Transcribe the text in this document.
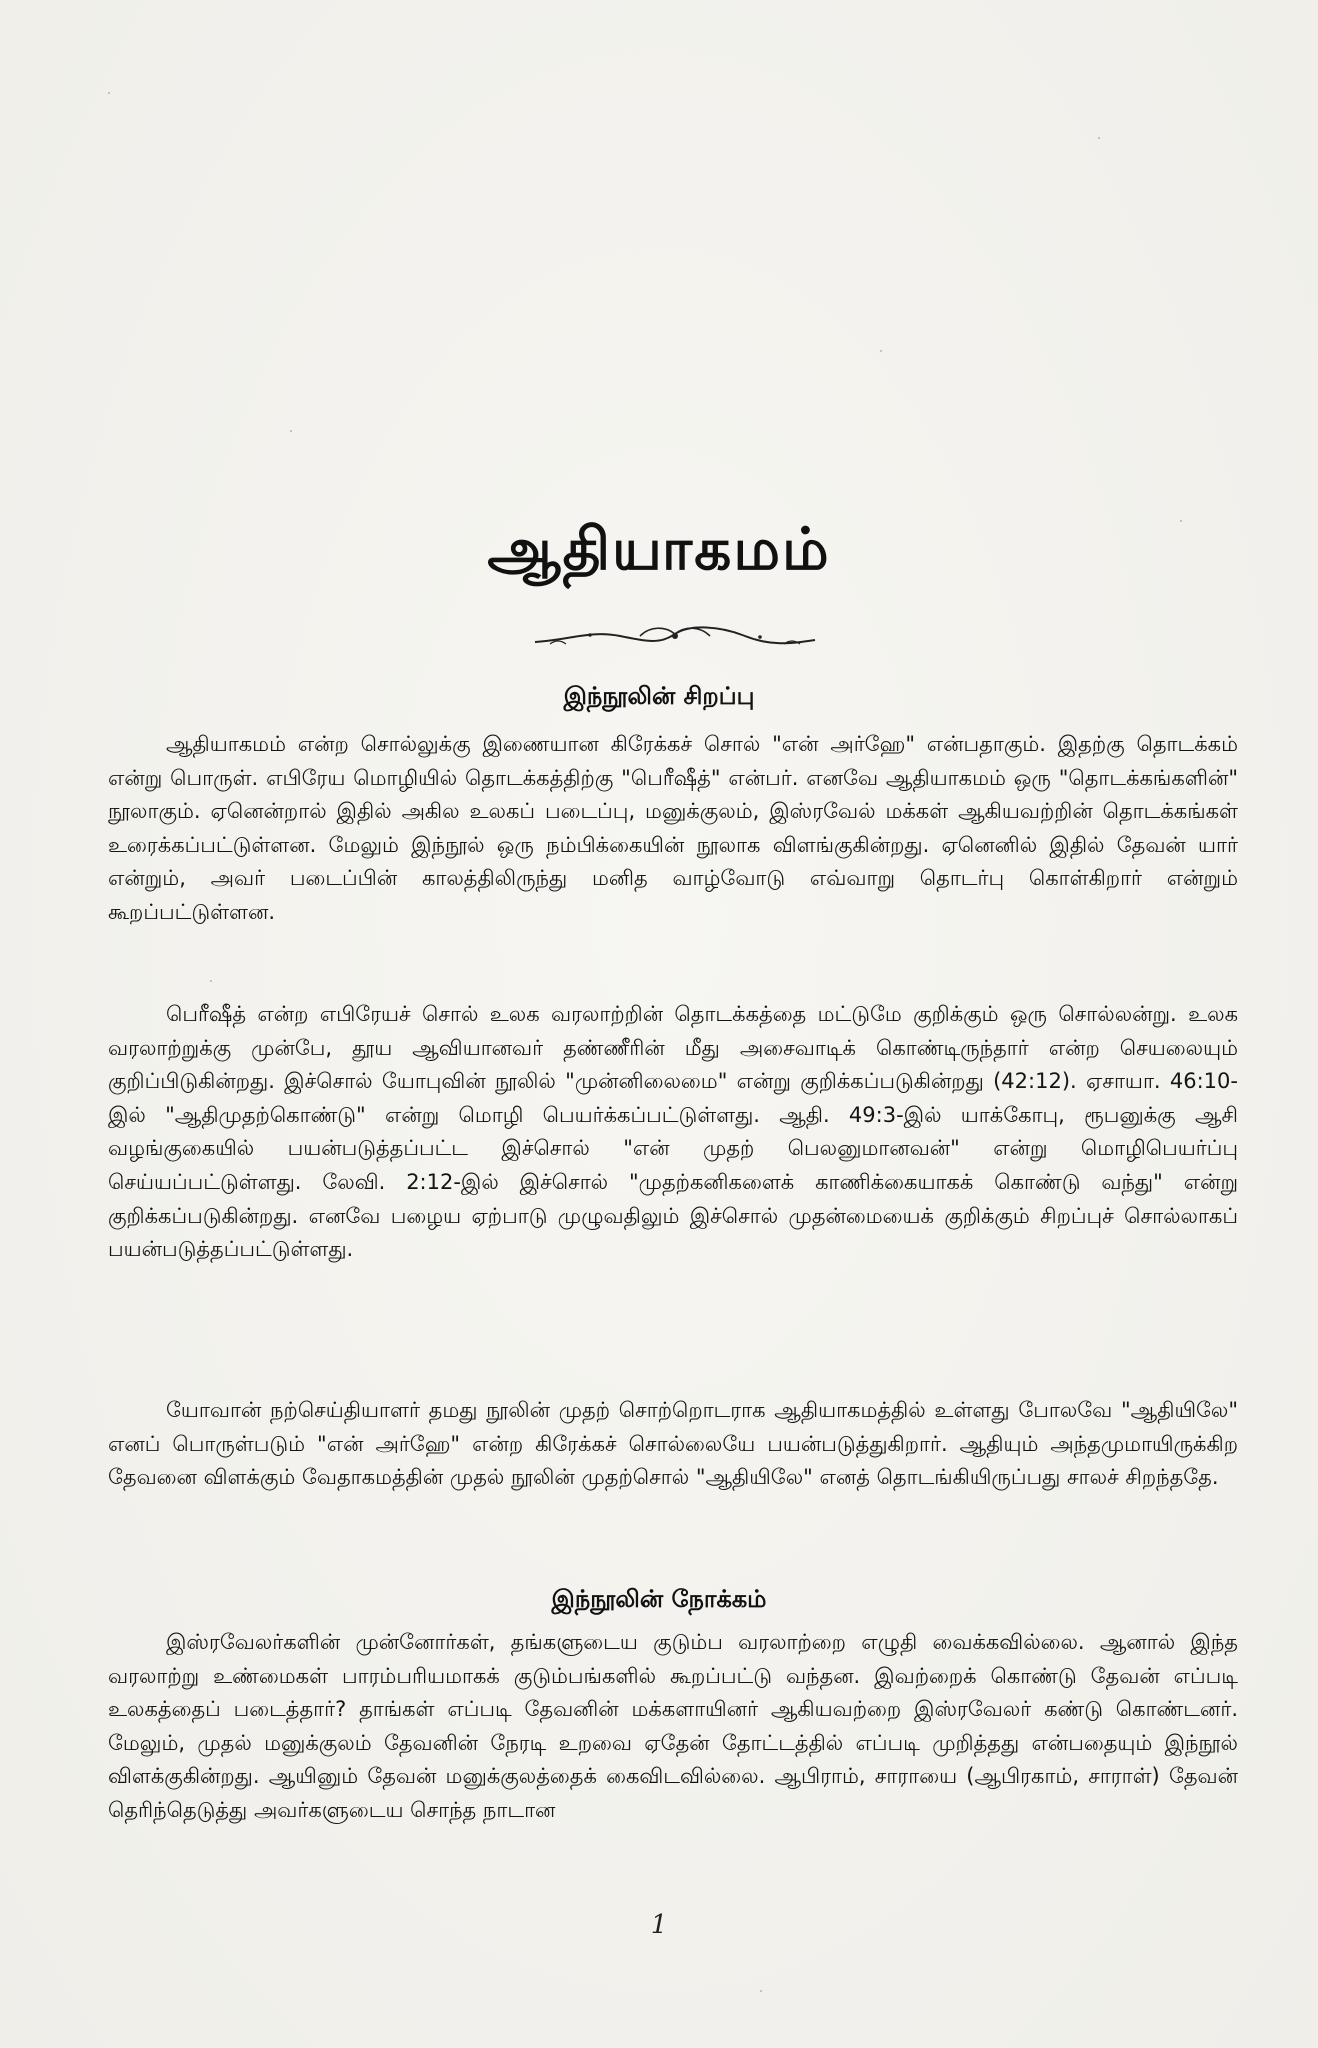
ஆதியாகமம்
இந்நூலின் சிறப்பு

ஆதியாகமம் என்ற சொல்லுக்கு இணையான கிரேக்கச் சொல் "என் அர்ஹே" என்பதாகும். இதற்கு தொடக்கம் என்று பொருள். எபிரேய மொழியில் தொடக்கத்திற்கு "பெரீஷீத்" என்பர். எனவே ஆதியாகமம் ஒரு "தொடக்கங்களின்" நூலாகும். ஏனென்றால் இதில் அகில உலகப் படைப்பு, மனுக்குலம், இஸ்ரவேல் மக்கள் ஆகியவற்றின் தொடக்கங்கள் உரைக்கப்பட்டுள்ளன. மேலும் இந்நூல் ஒரு நம்பிக்கையின் நூலாக விளங்குகின்றது. ஏனெனில் இதில் தேவன் யார் என்றும், அவர் படைப்பின் காலத்திலிருந்து மனித வாழ்வோடு எவ்வாறு தொடர்பு கொள்கிறார் என்றும் கூறப்பட்டுள்ளன.

பெரீஷீத் என்ற எபிரேயச் சொல் உலக வரலாற்றின் தொடக்கத்தை மட்டுமே குறிக்கும் ஒரு சொல்லன்று. உலக வரலாற்றுக்கு முன்பே, தூய ஆவியானவர் தண்ணீரின் மீது அசைவாடிக் கொண்டிருந்தார் என்ற செயலையும் குறிப்பிடுகின்றது. இச்சொல் யோபுவின் நூலில் "முன்னிலைமை" என்று குறிக்கப்படுகின்றது (42:12). ஏசாயா. 46:10-இல் "ஆதிமுதற்கொண்டு" என்று மொழி பெயர்க்கப்பட்டுள்ளது. ஆதி. 49:3-இல் யாக்கோபு, ரூபனுக்கு ஆசி வழங்குகையில் பயன்படுத்தப்பட்ட இச்சொல் "என் முதற் பெலனுமானவன்" என்று மொழிபெயர்ப்பு செய்யப்பட்டுள்ளது. லேவி. 2:12-இல் இச்சொல் "முதற்கனிகளைக் காணிக்கையாகக் கொண்டு வந்து" என்று குறிக்கப்படுகின்றது. எனவே பழைய ஏற்பாடு முழுவதிலும் இச்சொல் முதன்மையைக் குறிக்கும் சிறப்புச் சொல்லாகப் பயன்படுத்தப்பட்டுள்ளது.

யோவான் நற்செய்தியாளர் தமது நூலின் முதற் சொற்றொடராக ஆதியாகமத்தில் உள்ளது போலவே "ஆதியிலே" எனப் பொருள்படும் "என் அர்ஹே" என்ற கிரேக்கச் சொல்லையே பயன்படுத்துகிறார். ஆதியும் அந்தமுமாயிருக்கிற தேவனை விளக்கும் வேதாகமத்தின் முதல் நூலின் முதற்சொல் "ஆதியிலே" எனத் தொடங்கியிருப்பது சாலச் சிறந்ததே.

இந்நூலின் நோக்கம்

இஸ்ரவேலர்களின் முன்னோர்கள், தங்களுடைய குடும்ப வரலாற்றை எழுதி வைக்கவில்லை. ஆனால் இந்த வரலாற்று உண்மைகள் பாரம்பரியமாகக் குடும்பங்களில் கூறப்பட்டு வந்தன. இவற்றைக் கொண்டு தேவன் எப்படி உலகத்தைப் படைத்தார்? தாங்கள் எப்படி தேவனின் மக்களாயினர் ஆகியவற்றை இஸ்ரவேலர் கண்டு கொண்டனர். மேலும், முதல் மனுக்குலம் தேவனின் நேரடி உறவை ஏதேன் தோட்டத்தில் எப்படி முறித்தது என்பதையும் இந்நூல் விளக்குகின்றது. ஆயினும் தேவன் மனுக்குலத்தைக் கைவிடவில்லை. ஆபிராம், சாராயை (ஆபிரகாம், சாராள்) தேவன் தெரிந்தெடுத்து அவர்களுடைய சொந்த நாடான

1
